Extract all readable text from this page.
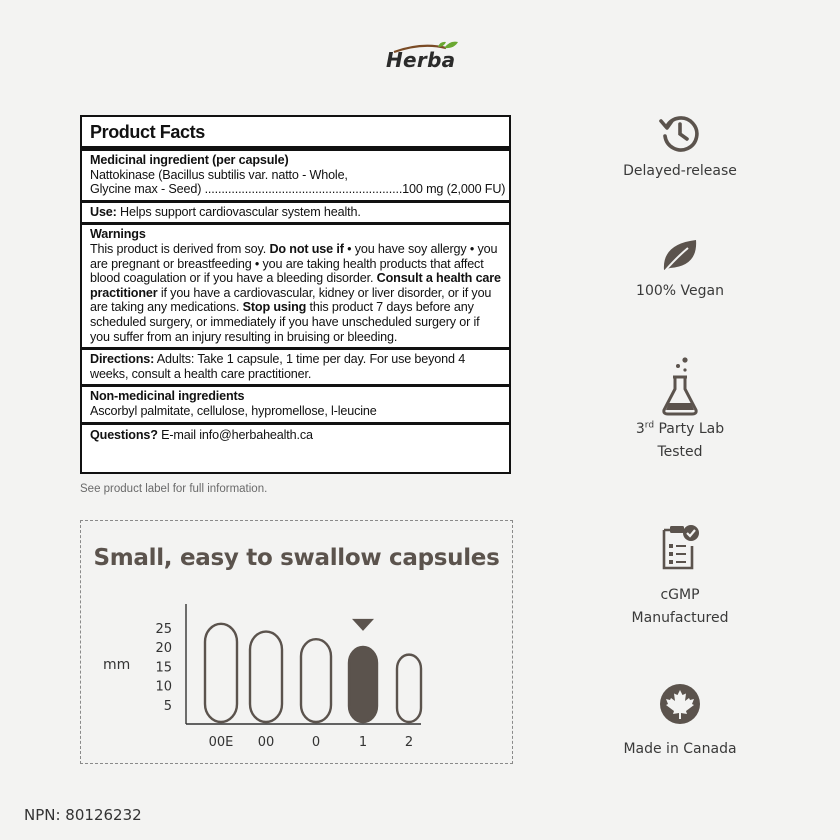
Herba
Product Facts
Medicinal ingredient (per capsule)
Nattokinase (Bacillus subtilis var. natto - Whole,
Glycine max - Seed) ........................................................... 100 mg (2,000 FU)
Use: Helps support cardiovascular system health.
Warnings
This product is derived from soy. Do not use if • you have soy allergy • you are pregnant or breastfeeding • you are taking health products that affect blood coagulation or if you have a bleeding disorder. Consult a health care practitioner if you have a cardiovascular, kidney or liver disorder, or if you are taking any medications. Stop using this product 7 days before any scheduled surgery, or immediately if you have unscheduled surgery or if you suffer from an injury resulting in bruising or bleeding.
Directions: Adults: Take 1 capsule, 1 time per day. For use beyond 4 weeks, consult a health care practitioner.
Non-medicinal ingredients
Ascorbyl palmitate, cellulose, hypromellose, l-leucine
Questions? E-mail info@herbahealth.ca
See product label for full information.
Small, easy to swallow capsules
mm
5
10
15
20
25
00E 00	0	1	2
NPN: 80126232
Delayed-release
100% Vegan
3rd Party Lab
Tested
cGMP
Manufactured
Made in Canada
